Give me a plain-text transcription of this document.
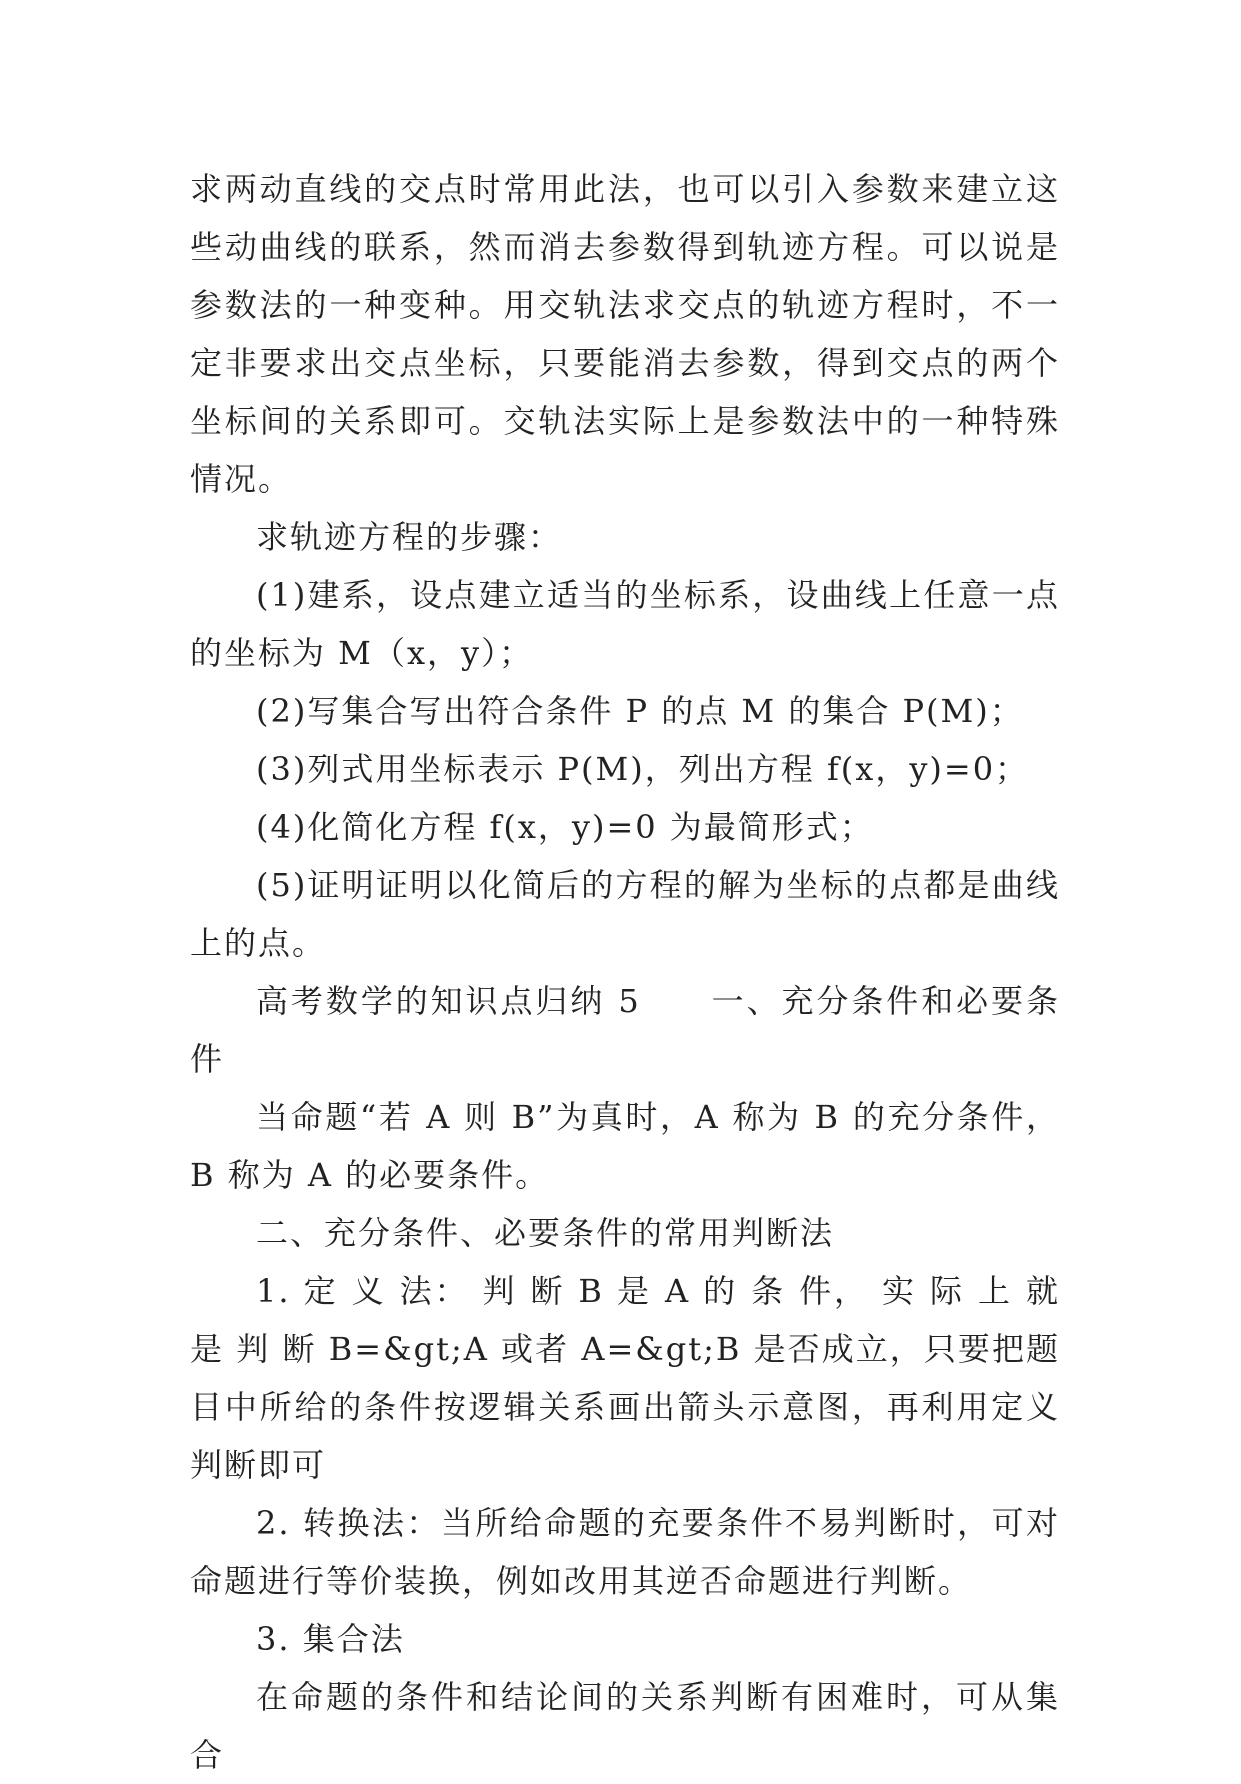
求两动直线的交点时常用此法，也可以引入参数来建立这些动曲线的联系，然而消去参数得到轨迹方程。可以说是参数法的一种变种。用交轨法求交点的轨迹方程时，不一定非要求出交点坐标，只要能消去参数，得到交点的两个坐标间的关系即可。交轨法实际上是参数法中的一种特殊情况。

求轨迹方程的步骤：

(1)建系，设点建立适当的坐标系，设曲线上任意一点的坐标为 M（x，y）；

(2)写集合写出符合条件 P 的点 M 的集合 P(M)；

(3)列式用坐标表示 P(M)，列出方程 f(x，y)=0；

(4)化简化方程 f(x，y)=0 为最简形式；

(5)证明证明以化简后的方程的解为坐标的点都是曲线上的点。

高考数学的知识点归纳 5 一、充分条件和必要条件

当命题“若 A 则 B”为真时，A 称为 B 的充分条件，B 称为 A 的必要条件。

二、充分条件、必要条件的常用判断法

1. 定 义 法： 判 断 B 是 A 的 条 件， 实 际 上 就 是 判 断 B=&gt;A 或者 A=&gt;B 是否成立，只要把题目中所给的条件按逻辑关系画出箭头示意图，再利用定义判断即可

2. 转换法：当所给命题的充要条件不易判断时，可对命题进行等价装换，例如改用其逆否命题进行判断。

3. 集合法

在命题的条件和结论间的关系判断有困难时，可从集合
